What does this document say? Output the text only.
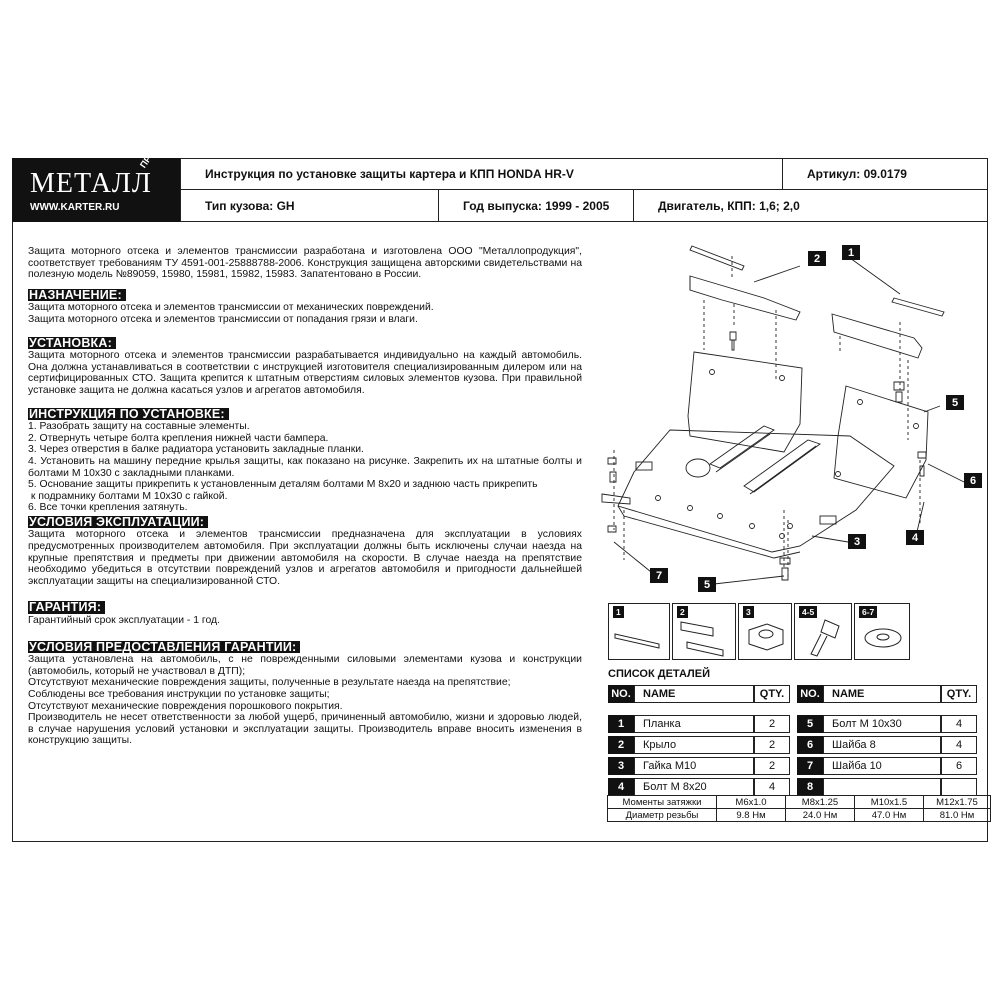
МЕТАЛЛ
ПРОДУКЦИЯ
WWW.KARTER.RU
Инструкция по установке защиты картера и КПП HONDA HR-V	Артикул: 09.0179
Тип кузова: GH	Год выпуска: 1999 - 2005	Двигатель, КПП: 1,6; 2,0

Защита моторного отсека и элементов трансмиссии разработана и изготовлена ООО "Металлопродукция", соответствует требованиям ТУ 4591-001-25888788-2006. Конструкция защищена авторскими свидетельствами на полезную модель №89059, 15980, 15981, 15982, 15983. Запатентовано в России.

НАЗНАЧЕНИЕ:

Защита моторного отсека и элементов трансмиссии от механических повреждений.

Защита моторного отсека и элементов трансмиссии от попадания грязи и влаги.

УСТАНОВКА:

Защита моторного отсека и элементов трансмиссии разрабатывается индивидуально на каждый автомобиль. Она должна устанавливаться в соответствии с инструкцией изготовителя специализированным дилером или на сертифицированных СТО. Защита крепится к штатным отверстиям силовых элементов кузова. При правильной установке защита не должна касаться узлов и агрегатов автомобиля.

ИНСТРУКЦИЯ ПО УСТАНОВКЕ:

1. Разобрать защиту на составные элементы.

2. Отвернуть четыре болта крепления нижней части бампера.

3. Через отверстия в балке радиатора установить закладные планки.

4. Установить на машину передние крылья защиты, как показано на рисунке. Закрепить их на штатные болты и болтами М 10х30 с закладными планками.

5. Основание защиты прикрепить к установленным деталям болтами М 8х20 и заднюю часть прикрепить

к подрамнику болтами М 10х30 с гайкой.

6. Все точки крепления затянуть.

УСЛОВИЯ ЭКСПЛУАТАЦИИ:

Защита моторного отсека и элементов трансмиссии предназначена для эксплуатации в условиях предусмотренных производителем автомобиля. При эксплуатации должны быть исключены случаи наезда на крупные препятствия и предметы при движении автомобиля на скорости. В случае наезда на препятствие необходимо убедиться в отсутствии повреждений узлов и агрегатов автомобиля и пригодности дальнейшей эксплуатации защиты на специализированной СТО.

ГАРАНТИЯ:

Гарантийный срок эксплуатации - 1 год.

УСЛОВИЯ ПРЕДОСТАВЛЕНИЯ ГАРАНТИИ:

Защита установлена на автомобиль, с не поврежденными силовыми элементами кузова и конструкции (автомобиль, который не участвовал в ДТП);

Отсутствуют механические повреждения защиты, полученные в результате наезда на препятствие;

Соблюдены все требования инструкции по установке защиты;

Отсутствуют механические повреждения порошкового покрытия.

Производитель не несет ответственности за любой ущерб, причиненный автомобилю, жизни и здоровью людей, в случае нарушения условий установки и эксплуатации защиты. Производитель вправе вносить изменения в конструкцию защиты.

2	1
5
6
3	4
7
5
1	2	3	4-5	6-7
СПИСОК ДЕТАЛЕЙ
NO.	NAME	QTY.

1	Планка	2
2	Крыло	2
3	Гайка М10	2
4	Болт М 8х20	4
NO.	NAME	QTY.

5	Болт М 10х30	4
6	Шайба 8	4
7	Шайба 10	6
8		
Моменты затяжки	М6х1.0	М8х1.25	М10х1.5	М12х1.75
Диаметр резьбы	9.8 Нм	24.0 Нм	47.0 Нм	81.0 Нм
